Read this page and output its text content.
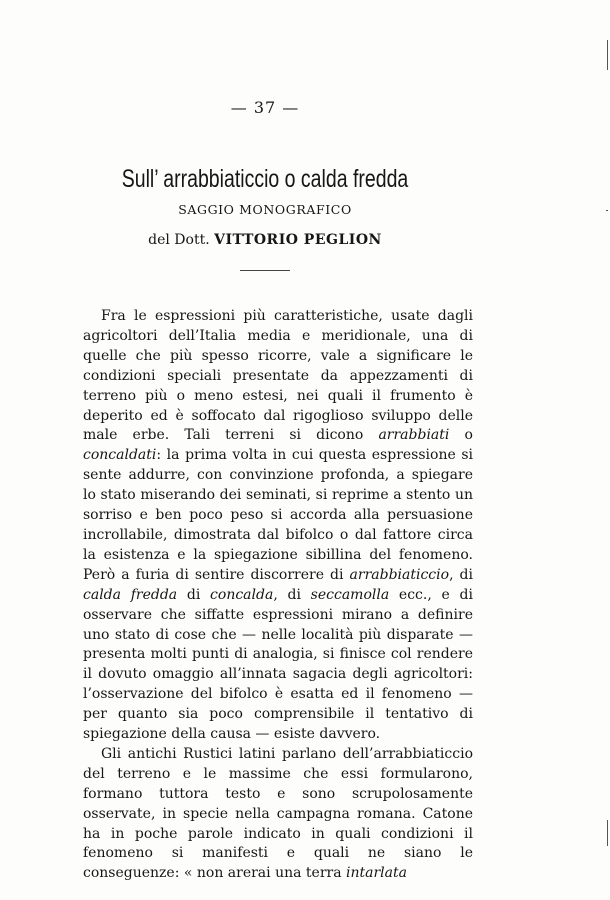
— 37 —
Sull’ arrabbiaticcio o calda fredda
SAGGIO MONOGRAFICO
del Dott. VITTORIO PEGLION

Fra le espressioni più caratteristiche, usate dagli agricoltori dell’Italia media e meridionale, una di quelle che più spesso ricorre, vale a significare le condizioni speciali presentate da appezzamenti di terreno più o meno estesi, nei quali il frumento è deperito ed è soffocato dal rigoglioso sviluppo delle male erbe. Tali terreni si dicono arrabbiati o concaldati: la prima volta in cui questa espressione si sente addurre, con convinzione profonda, a spiegare lo stato miserando dei seminati, si reprime a stento un sorriso e ben poco peso si accorda alla persuasione incrollabile, dimostrata dal bifolco o dal fattore circa la esistenza e la spiegazione sibillina del fenomeno. Però a furia di sentire discorrere di arrabbiaticcio, di calda fredda di concalda, di seccamolla ecc., e di osservare che siffatte espressioni mirano a definire uno stato di cose che — nelle località più disparate — presenta molti punti di analogia, si finisce col rendere il dovuto omaggio all’innata sagacia degli agricoltori: l’osservazione del bifolco è esatta ed il fenomeno — per quanto sia poco comprensibile il tentativo di spiegazione della causa — esiste davvero.

Gli antichi Rustici latini parlano dell’arrabbiaticcio del terreno e le massime che essi formularono, formano tuttora testo e sono scrupolosamente osservate, in specie nella campagna romana. Catone ha in poche parole indicato in quali condizioni il fenomeno si manifesti e quali ne siano le conseguenze: « non arerai una terra intarlata
